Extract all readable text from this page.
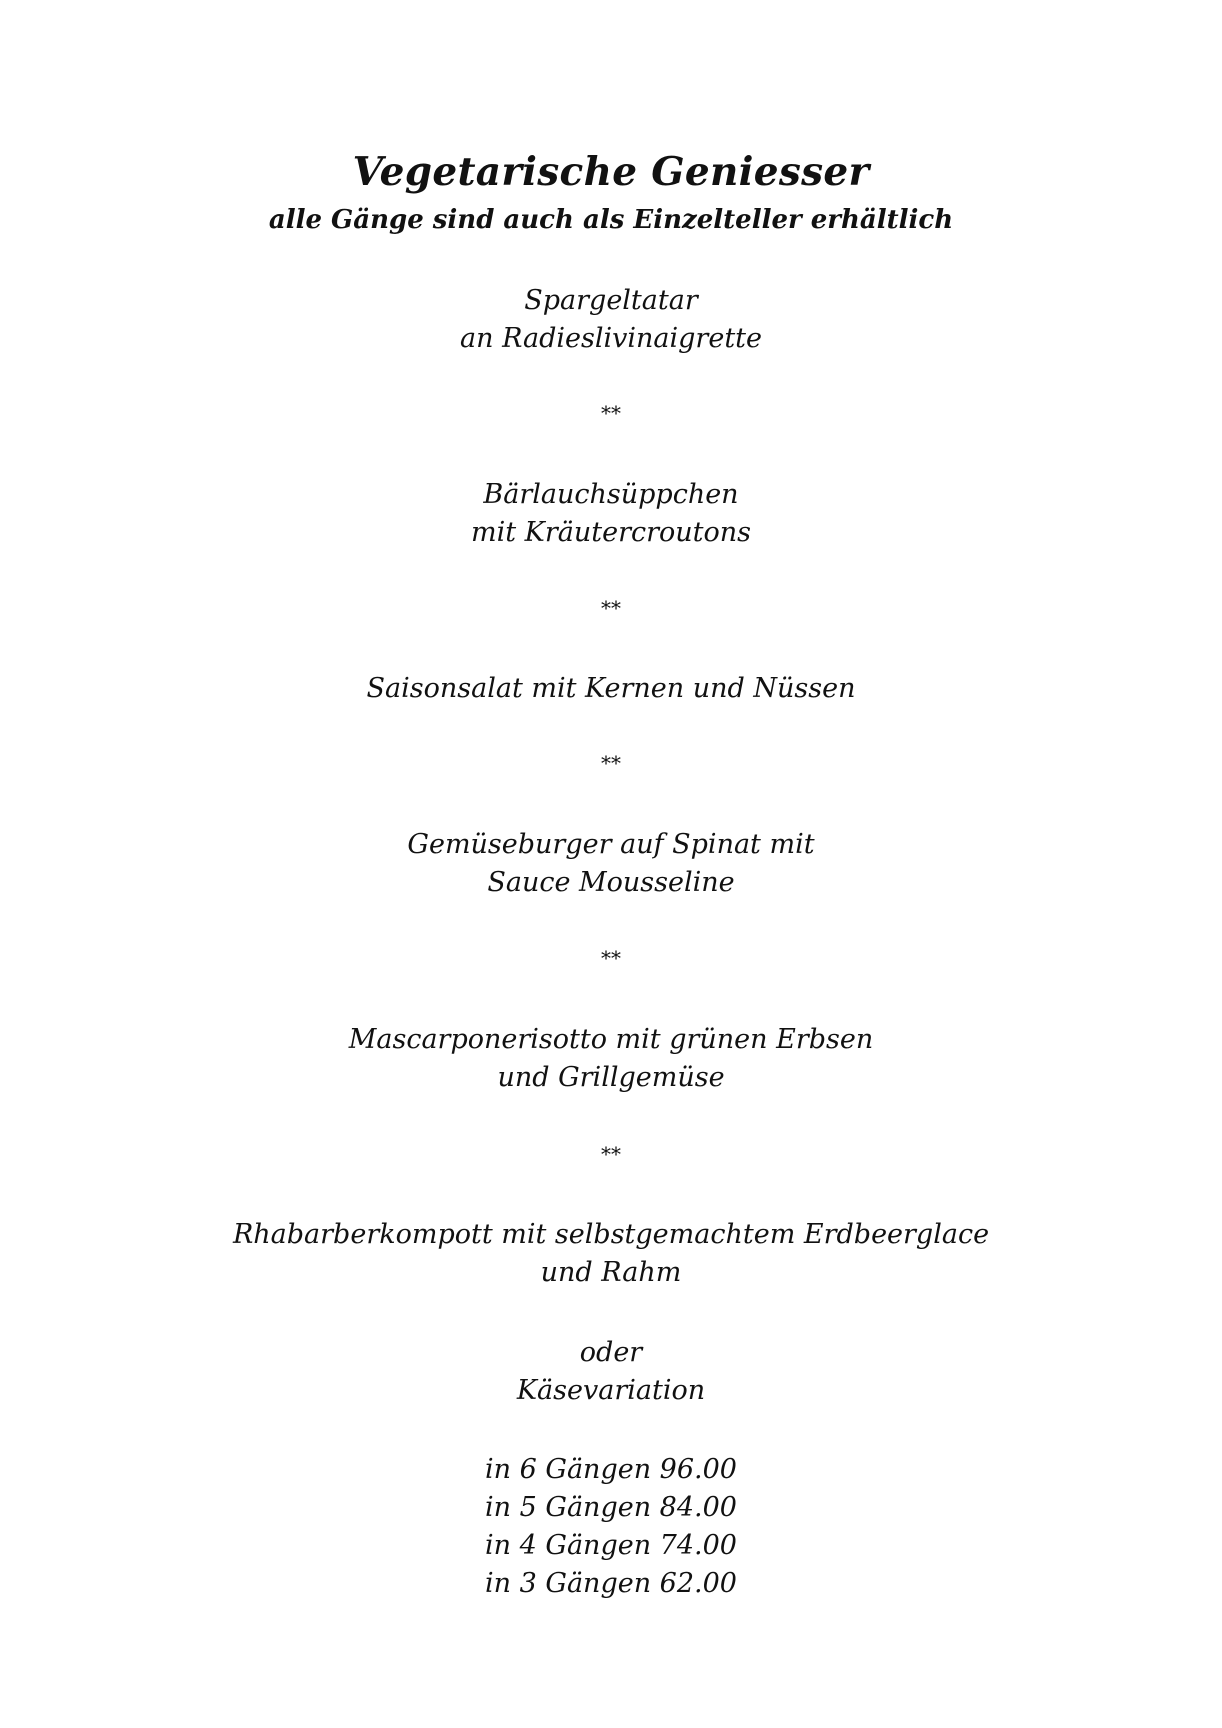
Vegetarische Geniesser
alle Gänge sind auch als Einzelteller erhältlich
Spargeltatar
an Radieslivinaigrette
**
Bärlauchsüppchen
mit Kräutercroutons
**
Saisonsalat mit Kernen und Nüssen
**
Gemüseburger auf Spinat mit
Sauce Mousseline
**
Mascarponerisotto mit grünen Erbsen
und Grillgemüse
**
Rhabarberkompott mit selbstgemachtem Erdbeerglace
und Rahm
oder
Käsevariation
in 6 Gängen 96.00
in 5 Gängen 84.00
in 4 Gängen 74.00
in 3 Gängen 62.00
